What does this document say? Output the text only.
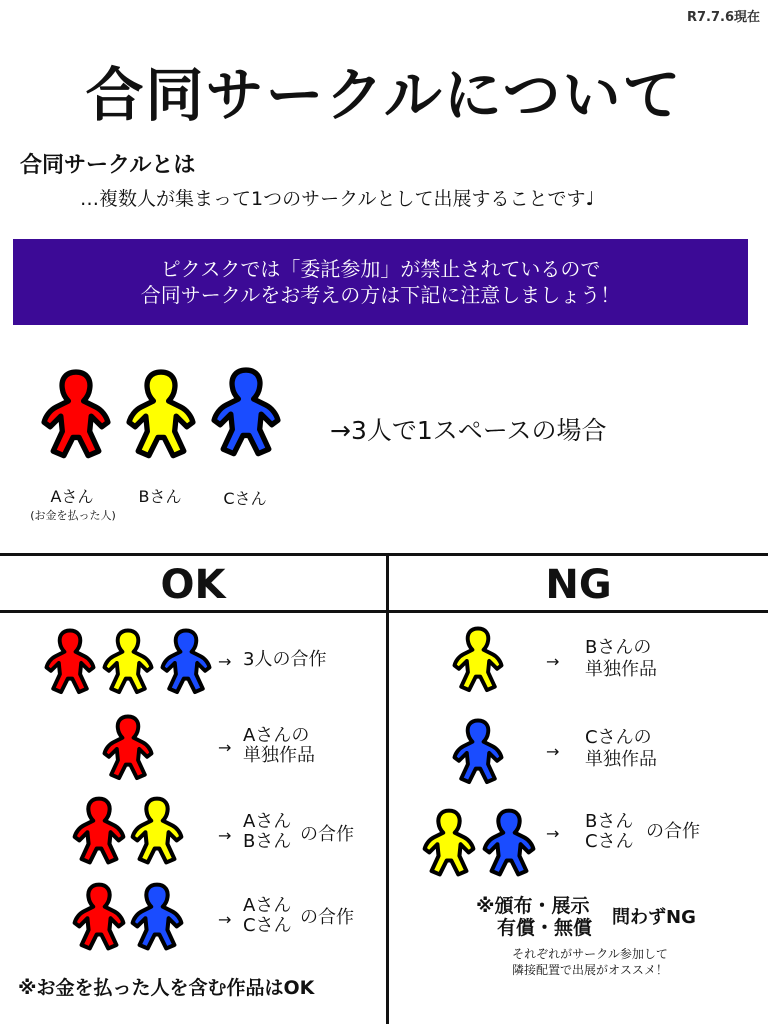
R7.7.6現在
合同サークルについて
合同サークルとは
…複数人が集まって1つのサークルとして出展することです♩
ピクスクでは「委託参加」が禁止されているので
合同サークルをお考えの方は下記に注意しましょう！
Aさん
(お金を払った人)
Bさん	Cさん
→3人で1スペースの場合
OK	NG
→ 3人の合作
→
Aさんの
単独作品
→
Aさん
Bさん の合作
→
Aさん
Cさん の合作
※お金を払った人を含む作品はOK
→
Bさんの
単独作品
→
Cさんの
単独作品
→
Bさん
Cさん の合作
※頒布・展示
有償・無償 問わずNG
それぞれがサークル参加して
隣接配置で出展がオススメ！
